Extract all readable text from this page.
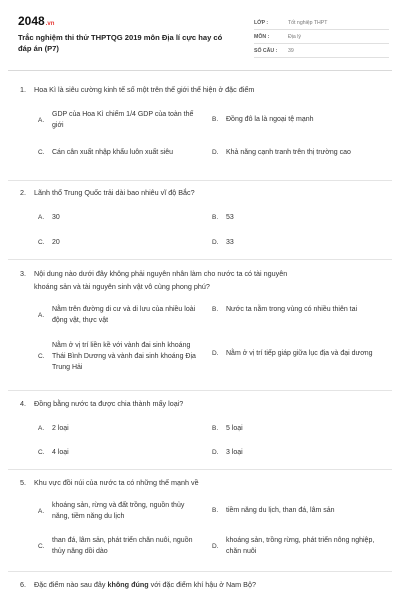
2048.vn
Trắc nghiệm thi thử THPTQG 2019 môn Địa lí cực hay có đáp án (P7)
LỚP :	Tốt nghiệp THPT
MÔN :	Địa lý
SỐ CÂU :	39
1. Hoa Kì là siêu cường kinh tế số một trên thế giới thể hiện ở đặc điểm
A.
GDP của Hoa Kì chiếm 1/4 GDP của toàn thế giới
B.	Đồng đô la là ngoại tệ mạnh
C.	Cán cân xuất nhập khẩu luôn xuất siêu	D.	Khả năng cạnh tranh trên thị trường cao
2. Lãnh thổ Trung Quốc trải dài bao nhiêu vĩ độ Bắc?
A.	30	B.	53
C.	20	D.	33
3. Nội dung nào dưới đây không phải nguyên nhân làm cho nước ta có tài nguyên
khoáng sản và tài nguyên sinh vật vô cùng phong phú?
A.
Nằm trên đường di cư và di lưu của nhiều loài động vật, thực vật
B.	Nước ta nằm trong vùng có nhiều thiên tai
C.
Nằm ở vị trí liền kề với vành đai sinh khoáng Thái Bình Dương và vành đai sinh khoáng Địa Trung Hải
D.	Nằm ở vị trí tiếp giáp giữa lục địa và đại dương
4. Đồng bằng nước ta được chia thành mấy loại?
A.	2 loại	B.	5 loại
C.	4 loại	D.	3 loại
5. Khu vực đồi núi của nước ta có những thế mạnh về
A.
khoáng sản, rừng và đất trồng, nguồn thủy năng, tiềm năng du lịch
B.	tiềm năng du lịch, than đá, lâm sản
C.
than đá, lâm sản, phát triển chăn nuôi, nguồn thủy năng dồi dào
D.
khoáng sản, trồng rừng, phát triển nông nghiệp, chăn nuôi
6. Đặc điểm nào sau đây không đúng với đặc điểm khí hậu ở Nam Bộ?
